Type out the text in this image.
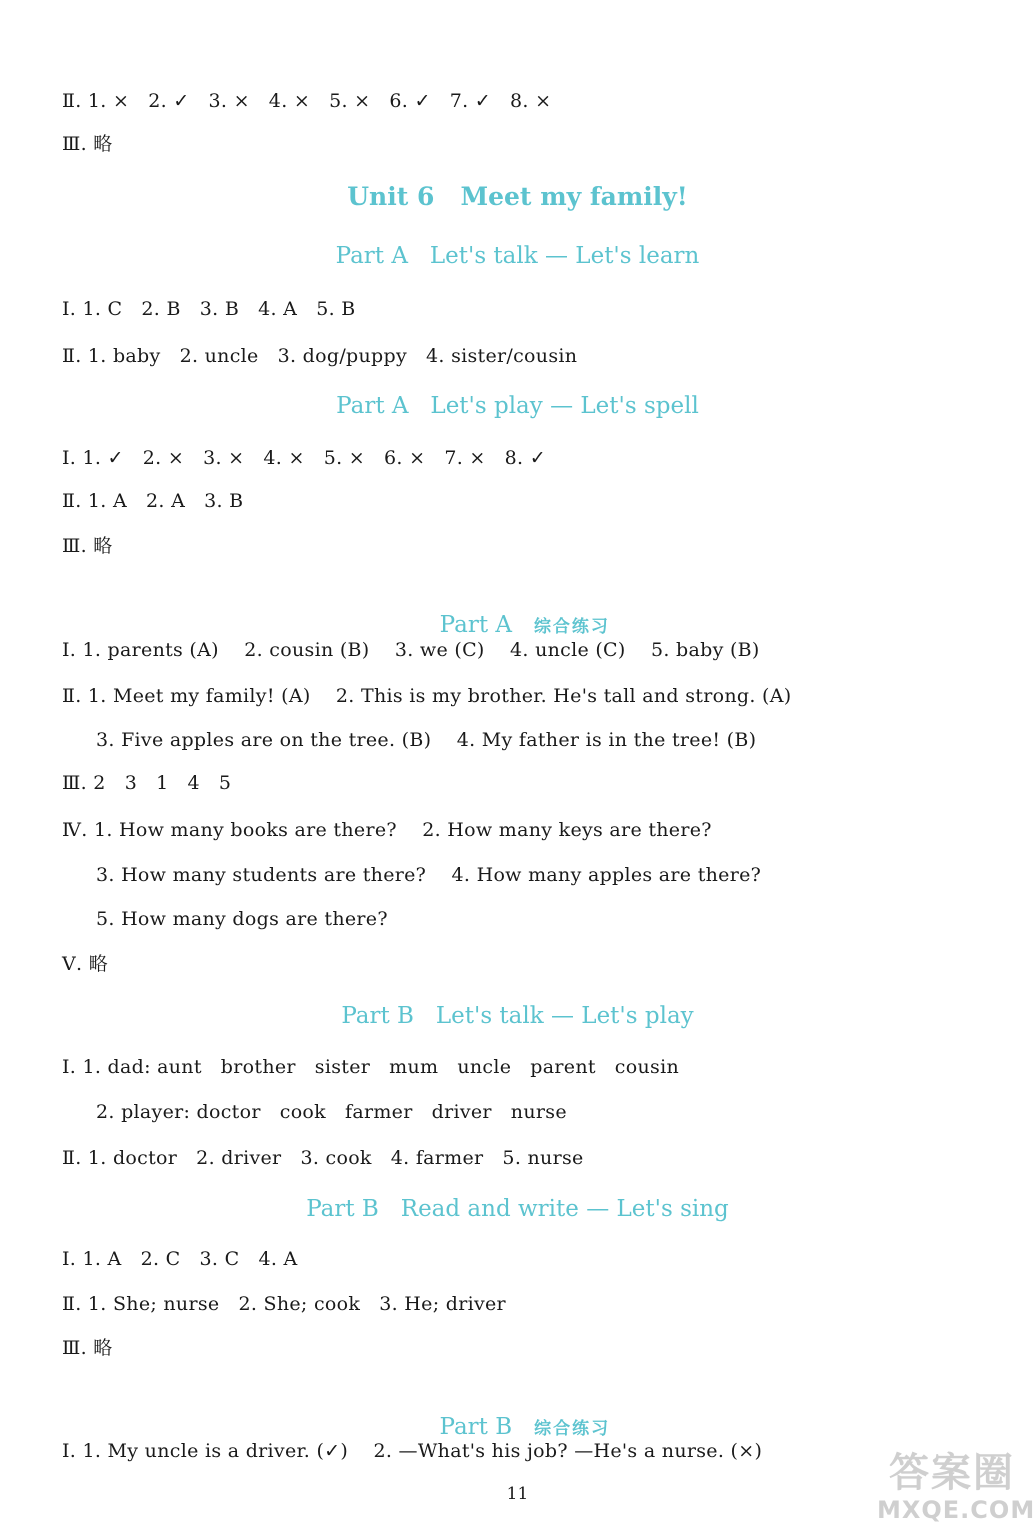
Ⅱ. 1. ×   2. ✓   3. ×   4. ×   5. ×   6. ✓   7. ✓   8. ×
Ⅲ. 略
Unit 6   Meet my family!
Part A   Let's talk — Let's learn
Ⅰ. 1. C   2. B   3. B   4. A   5. B
Ⅱ. 1. baby   2. uncle   3. dog/puppy   4. sister/cousin
Part A   Let's play — Let's spell
Ⅰ. 1. ✓   2. ×   3. ×   4. ×   5. ×   6. ×   7. ×   8. ✓
Ⅱ. 1. A   2. A   3. B
Ⅲ. 略

Part A 综合练习

Ⅰ. 1. parents (A)    2. cousin (B)    3. we (C)    4. uncle (C)    5. baby (B)
Ⅱ. 1. Meet my family! (A)    2. This is my brother. He's tall and strong. (A)
3. Five apples are on the tree. (B)    4. My father is in the tree! (B)
Ⅲ. 2   3   1   4   5
Ⅳ. 1. How many books are there?    2. How many keys are there?
3. How many students are there?    4. How many apples are there?
5. How many dogs are there?
Ⅴ. 略
Part B   Let's talk — Let's play
Ⅰ. 1. dad: aunt   brother   sister   mum   uncle   parent   cousin
2. player: doctor   cook   farmer   driver   nurse
Ⅱ. 1. doctor   2. driver   3. cook   4. farmer   5. nurse
Part B   Read and write — Let's sing
Ⅰ. 1. A   2. C   3. C   4. A
Ⅱ. 1. She; nurse   2. She; cook   3. He; driver
Ⅲ. 略

Part B 综合练习

Ⅰ. 1. My uncle is a driver. (✓)    2. —What's his job? —He's a nurse. (×)
11	答案圈
MXQE.COM
